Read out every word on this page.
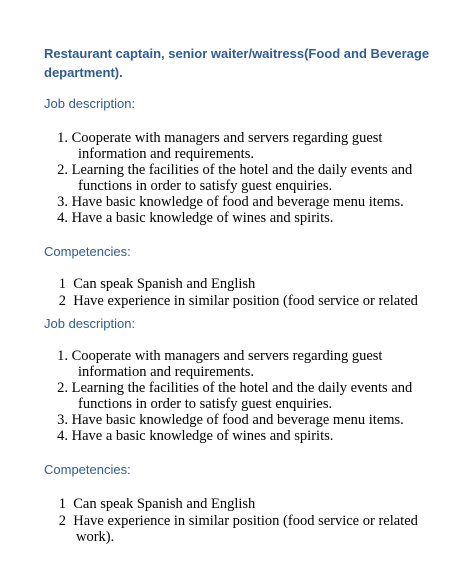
Restaurant captain, senior waiter/waitress(Food and Beverage
department).
Job description:
1. Cooperate with managers and servers regarding guest
information and requirements.
2. Learning the facilities of the hotel and the daily events and
functions in order to satisfy guest enquiries.
3. Have basic knowledge of food and beverage menu items.
4. Have a basic knowledge of wines and spirits.
Competencies:
1 Can speak Spanish and English
2 Have experience in similar position (food service or related
Job description:
1. Cooperate with managers and servers regarding guest
information and requirements.
2. Learning the facilities of the hotel and the daily events and
functions in order to satisfy guest enquiries.
3. Have basic knowledge of food and beverage menu items.
4. Have a basic knowledge of wines and spirits.
Competencies:
1 Can speak Spanish and English
2 Have experience in similar position (food service or related
work).
